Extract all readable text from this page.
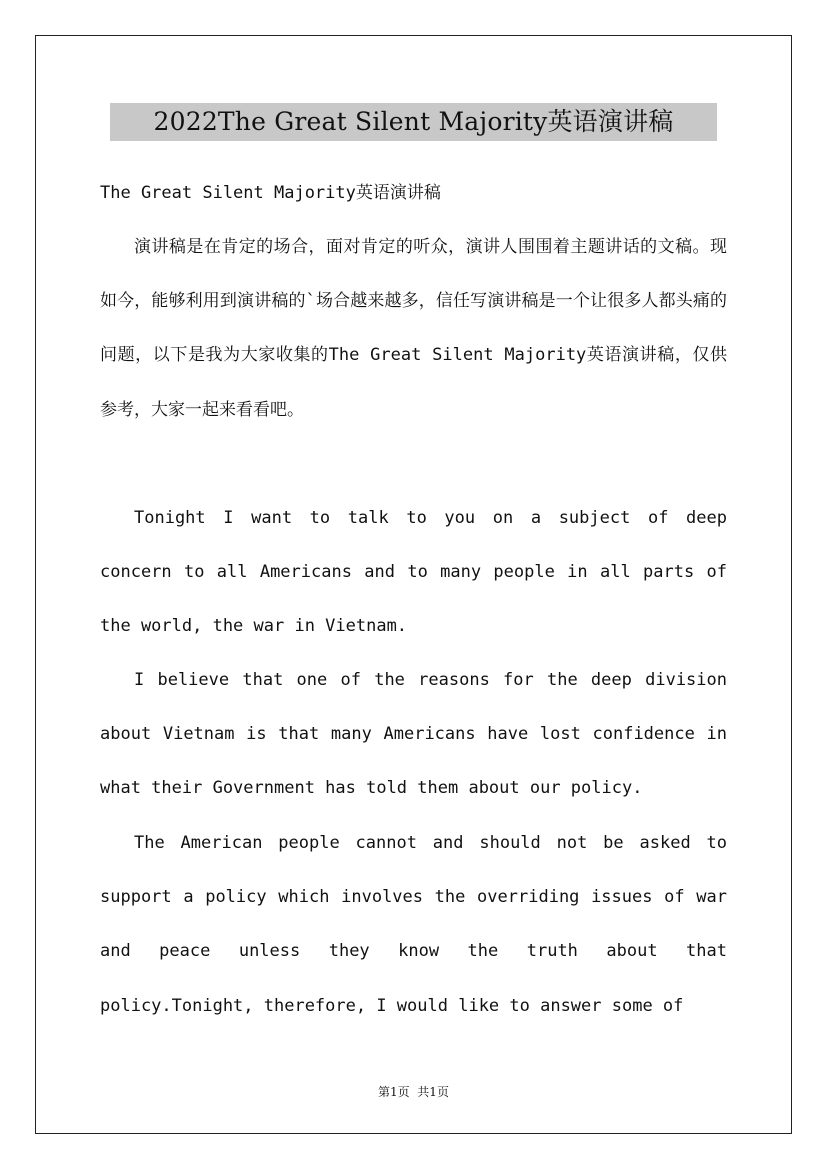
2022The Great Silent Majority英语演讲稿
The Great Silent Majority英语演讲稿

演讲稿是在肯定的场合，面对肯定的听众，演讲人围围着主题讲话的文稿。现如今，能够利用到演讲稿的`场合越来越多，信任写演讲稿是一个让很多人都头痛的问题，以下是我为大家收集的The Great Silent Majority英语演讲稿，仅供参考，大家一起来看看吧。

Tonight I want to talk to you on a subject of deep concern to all Americans and to many people in all parts of the world, the war in Vietnam.

I believe that one of the reasons for the deep division about Vietnam is that many Americans have lost confidence in what their Government has told them about our policy.

The American people cannot and should not be asked to support a policy which involves the overriding issues of war and peace unless they know the truth about that policy.Tonight, therefore, I would like to answer some of

第1页  共1页
